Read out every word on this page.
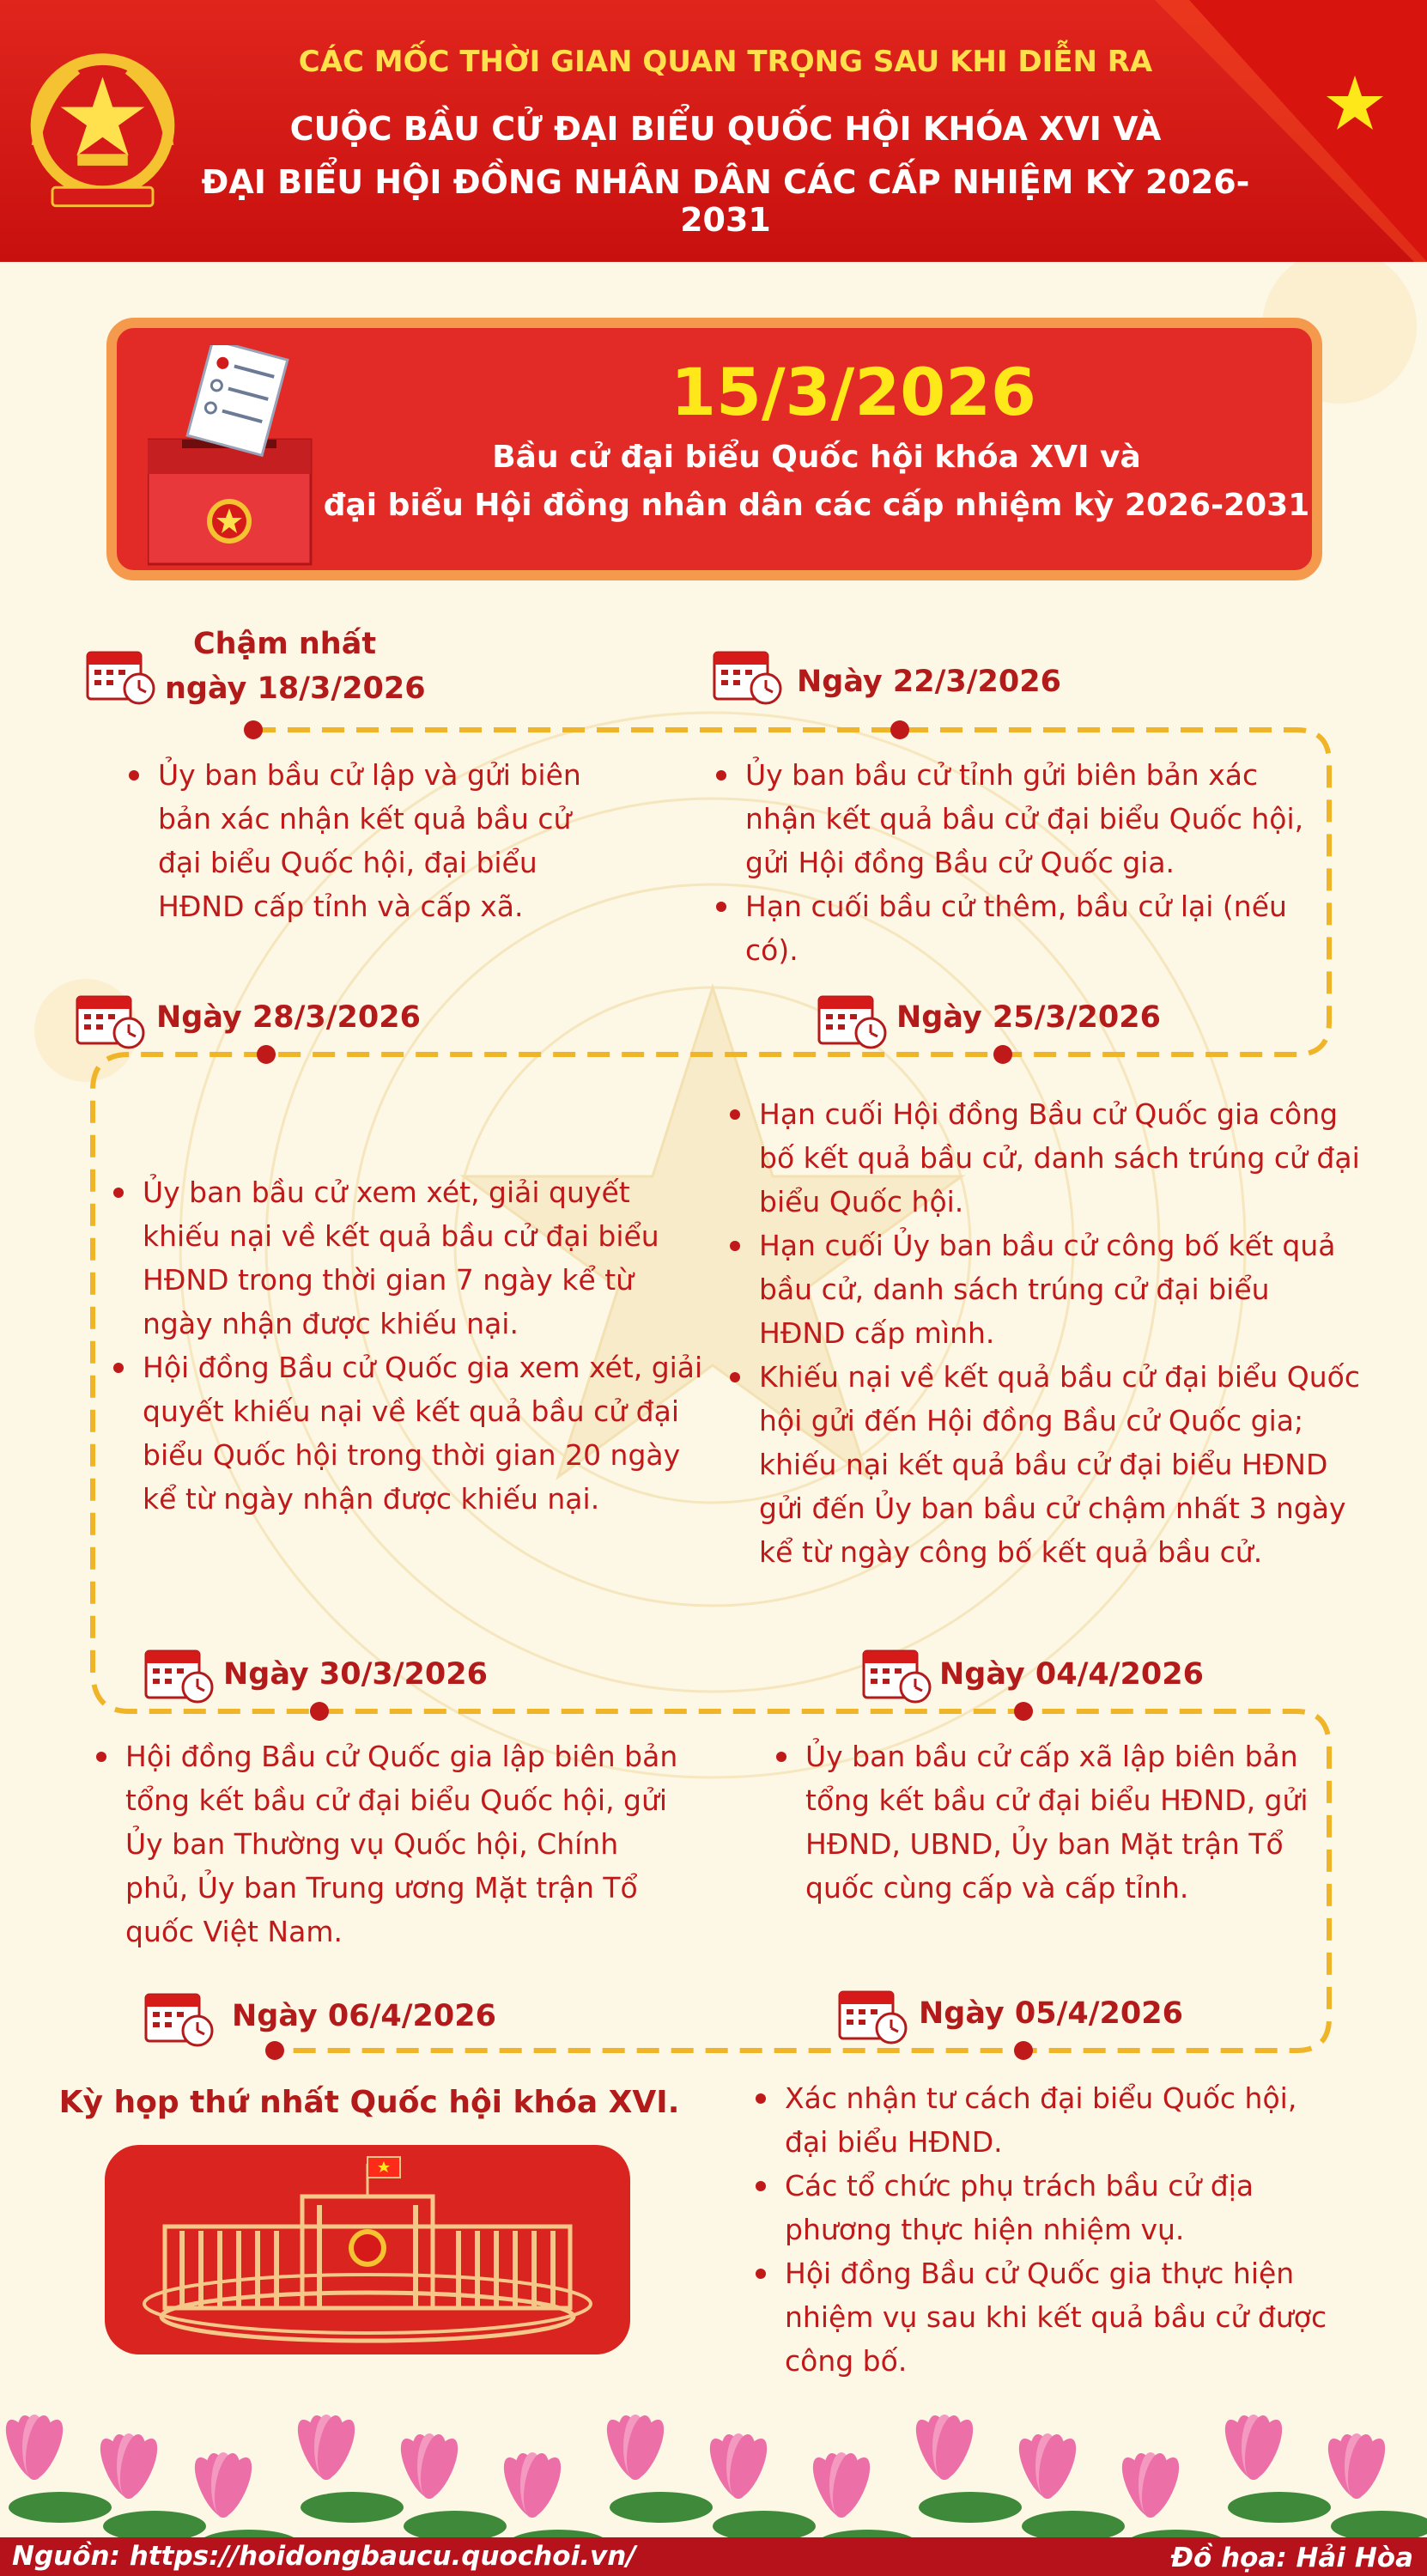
CÁC MỐC THỜI GIAN QUAN TRỌNG SAU KHI DIỄN RA
CUỘC BẦU CỬ ĐẠI BIỂU QUỐC HỘI KHÓA XVI VÀ
ĐẠI BIỂU HỘI ĐỒNG NHÂN DÂN CÁC CẤP NHIỆM KỲ 2026-2031
15/3/2026
Bầu cử đại biểu Quốc hội khóa XVI và
đại biểu Hội đồng nhân dân các cấp nhiệm kỳ 2026-2031
Chậm nhất
ngày 18/3/2026
Ủy ban bầu cử lập và gửi biên bản xác nhận kết quả bầu cử đại biểu Quốc hội, đại biểu HĐND cấp tỉnh và cấp xã.
Ngày 22/3/2026
Ủy ban bầu cử tỉnh gửi biên bản xác nhận kết quả bầu cử đại biểu Quốc hội, gửi Hội đồng Bầu cử Quốc gia.
Hạn cuối bầu cử thêm, bầu cử lại (nếu có).
Ngày 28/3/2026
Ủy ban bầu cử xem xét, giải quyết khiếu nại về kết quả bầu cử đại biểu HĐND trong thời gian 7 ngày kể từ ngày nhận được khiếu nại.
Hội đồng Bầu cử Quốc gia xem xét, giải quyết khiếu nại về kết quả bầu cử đại biểu Quốc hội trong thời gian 20 ngày kể từ ngày nhận được khiếu nại.
Ngày 25/3/2026
Hạn cuối Hội đồng Bầu cử Quốc gia công bố kết quả bầu cử, danh sách trúng cử đại biểu Quốc hội.
Hạn cuối Ủy ban bầu cử công bố kết quả bầu cử, danh sách trúng cử đại biểu HĐND cấp mình.
Khiếu nại về kết quả bầu cử đại biểu Quốc hội gửi đến Hội đồng Bầu cử Quốc gia; khiếu nại kết quả bầu cử đại biểu HĐND gửi đến Ủy ban bầu cử chậm nhất 3 ngày kể từ ngày công bố kết quả bầu cử.
Ngày 30/3/2026
Hội đồng Bầu cử Quốc gia lập biên bản tổng kết bầu cử đại biểu Quốc hội, gửi Ủy ban Thường vụ Quốc hội, Chính phủ, Ủy ban Trung ương Mặt trận Tổ quốc Việt Nam.
Ngày 04/4/2026
Ủy ban bầu cử cấp xã lập biên bản tổng kết bầu cử đại biểu HĐND, gửi HĐND, UBND, Ủy ban Mặt trận Tổ quốc cùng cấp và cấp tỉnh.
Ngày 06/4/2026
Kỳ họp thứ nhất Quốc hội khóa XVI.
Ngày 05/4/2026
Xác nhận tư cách đại biểu Quốc hội, đại biểu HĐND.
Các tổ chức phụ trách bầu cử địa phương thực hiện nhiệm vụ.
Hội đồng Bầu cử Quốc gia thực hiện nhiệm vụ sau khi kết quả bầu cử được công bố.
Nguồn: https://hoidongbaucu.quochoi.vn/	Đồ họa: Hải Hòa
